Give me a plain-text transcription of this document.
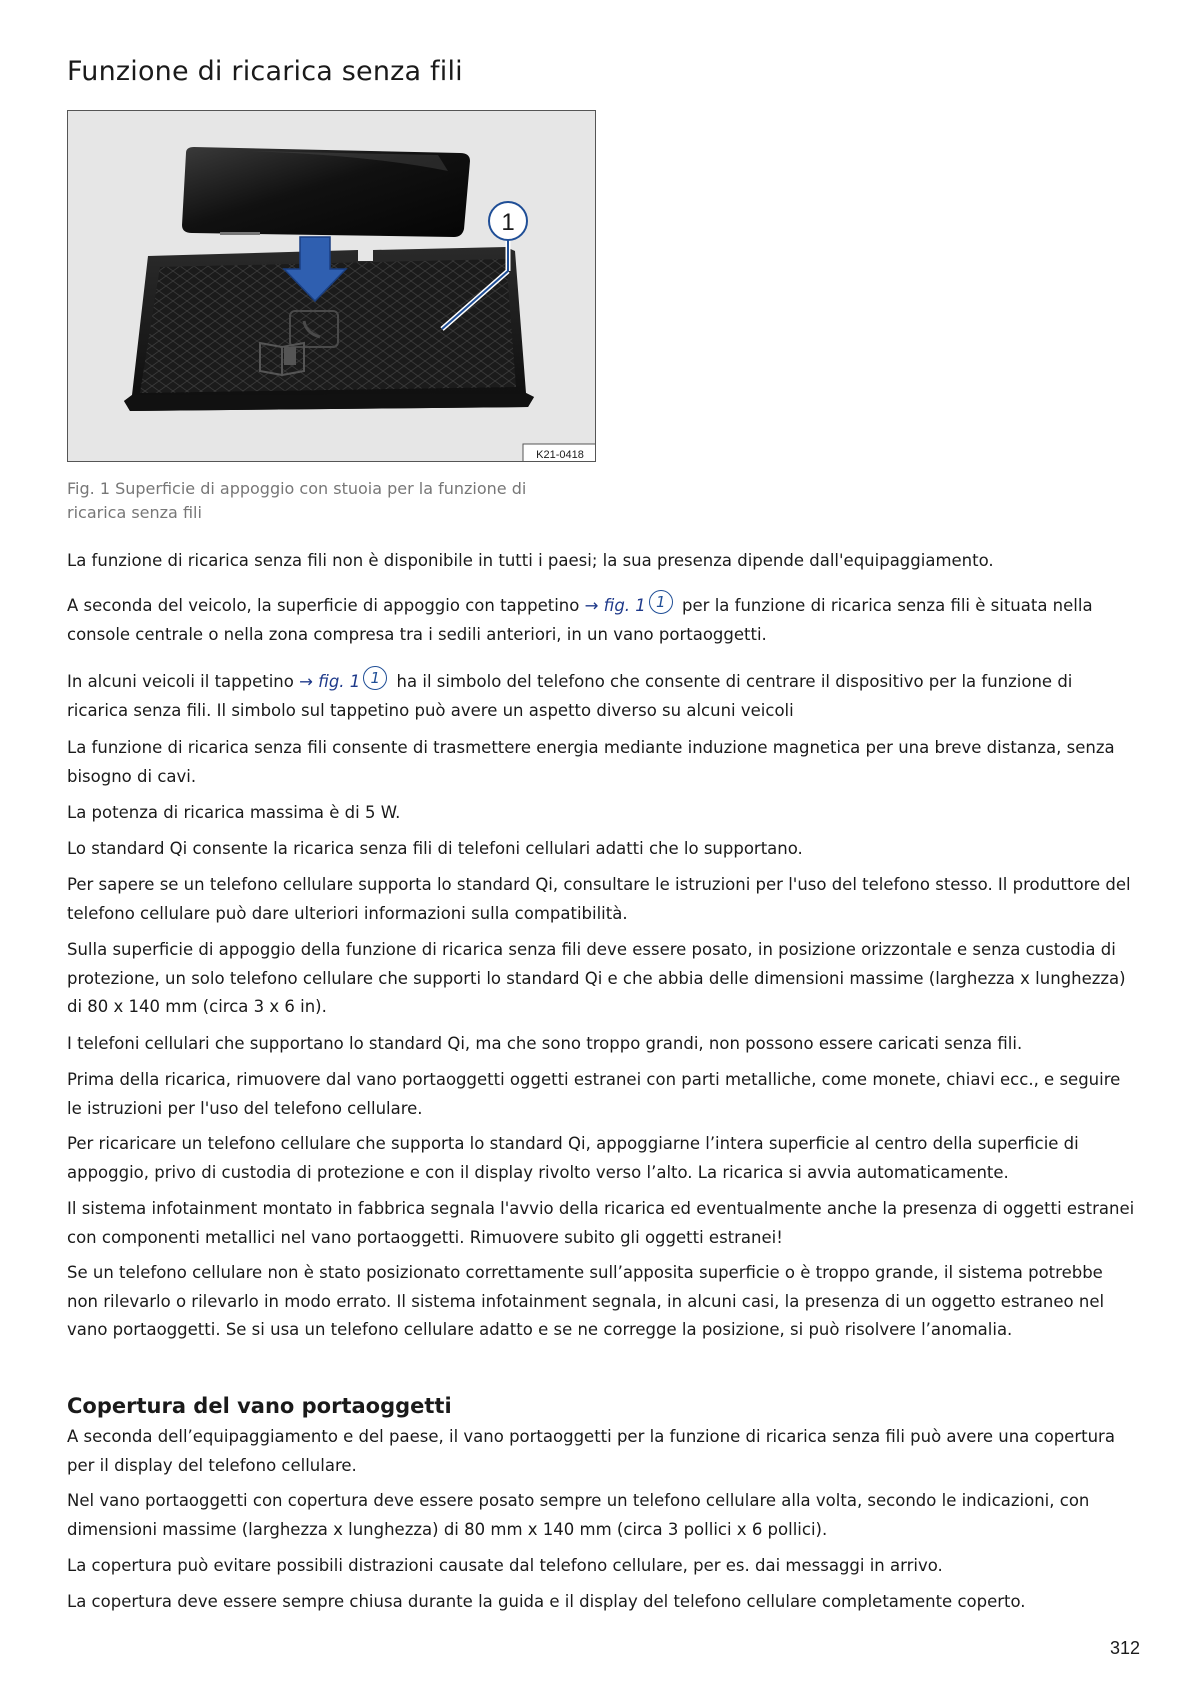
Funzione di ricarica senza fili
1
K21-0418
Fig. 1 Superficie di appoggio con stuoia per la funzione di ricarica senza fili

La funzione di ricarica senza fili non è disponibile in tutti i paesi; la sua presenza dipende dall'equipaggiamento.

A seconda del veicolo, la superficie di appoggio con tappetino → fig. 1 1 per la funzione di ricarica senza fili è situata nella console centrale o nella zona compresa tra i sedili anteriori, in un vano portaoggetti.

In alcuni veicoli il tappetino → fig. 1 1 ha il simbolo del telefono che consente di centrare il dispositivo per la funzione di ricarica senza fili. Il simbolo sul tappetino può avere un aspetto diverso su alcuni veicoli

La funzione di ricarica senza fili consente di trasmettere energia mediante induzione magnetica per una breve distanza, senza bisogno di cavi.

La potenza di ricarica massima è di 5 W.

Lo standard Qi consente la ricarica senza fili di telefoni cellulari adatti che lo supportano.

Per sapere se un telefono cellulare supporta lo standard Qi, consultare le istruzioni per l'uso del telefono stesso. Il produttore del telefono cellulare può dare ulteriori informazioni sulla compatibilità.

Sulla superficie di appoggio della funzione di ricarica senza fili deve essere posato, in posizione orizzontale e senza custodia di protezione, un solo telefono cellulare che supporti lo standard Qi e che abbia delle dimensioni massime (larghezza x lunghezza) di 80 x 140 mm (circa 3 x 6 in).

I telefoni cellulari che supportano lo standard Qi, ma che sono troppo grandi, non possono essere caricati senza fili.

Prima della ricarica, rimuovere dal vano portaoggetti oggetti estranei con parti metalliche, come monete, chiavi ecc., e seguire le istruzioni per l'uso del telefono cellulare.

Per ricaricare un telefono cellulare che supporta lo standard Qi, appoggiarne l’intera superficie al centro della superficie di appoggio, privo di custodia di protezione e con il display rivolto verso l’alto. La ricarica si avvia automaticamente.

Il sistema infotainment montato in fabbrica segnala l'avvio della ricarica ed eventualmente anche la presenza di oggetti estranei con componenti metallici nel vano portaoggetti. Rimuovere subito gli oggetti estranei!

Se un telefono cellulare non è stato posizionato correttamente sull’apposita superficie o è troppo grande, il sistema potrebbe non rilevarlo o rilevarlo in modo errato. Il sistema infotainment segnala, in alcuni casi, la presenza di un oggetto estraneo nel vano portaoggetti. Se si usa un telefono cellulare adatto e se ne corregge la posizione, si può risolvere l’anomalia.

Copertura del vano portaoggetti

A seconda dell’equipaggiamento e del paese, il vano portaoggetti per la funzione di ricarica senza fili può avere una copertura per il display del telefono cellulare.

Nel vano portaoggetti con copertura deve essere posato sempre un telefono cellulare alla volta, secondo le indicazioni, con dimensioni massime (larghezza x lunghezza) di 80 mm x 140 mm (circa 3 pollici x 6 pollici).

La copertura può evitare possibili distrazioni causate dal telefono cellulare, per es. dai messaggi in arrivo.

La copertura deve essere sempre chiusa durante la guida e il display del telefono cellulare completamente coperto.

312
